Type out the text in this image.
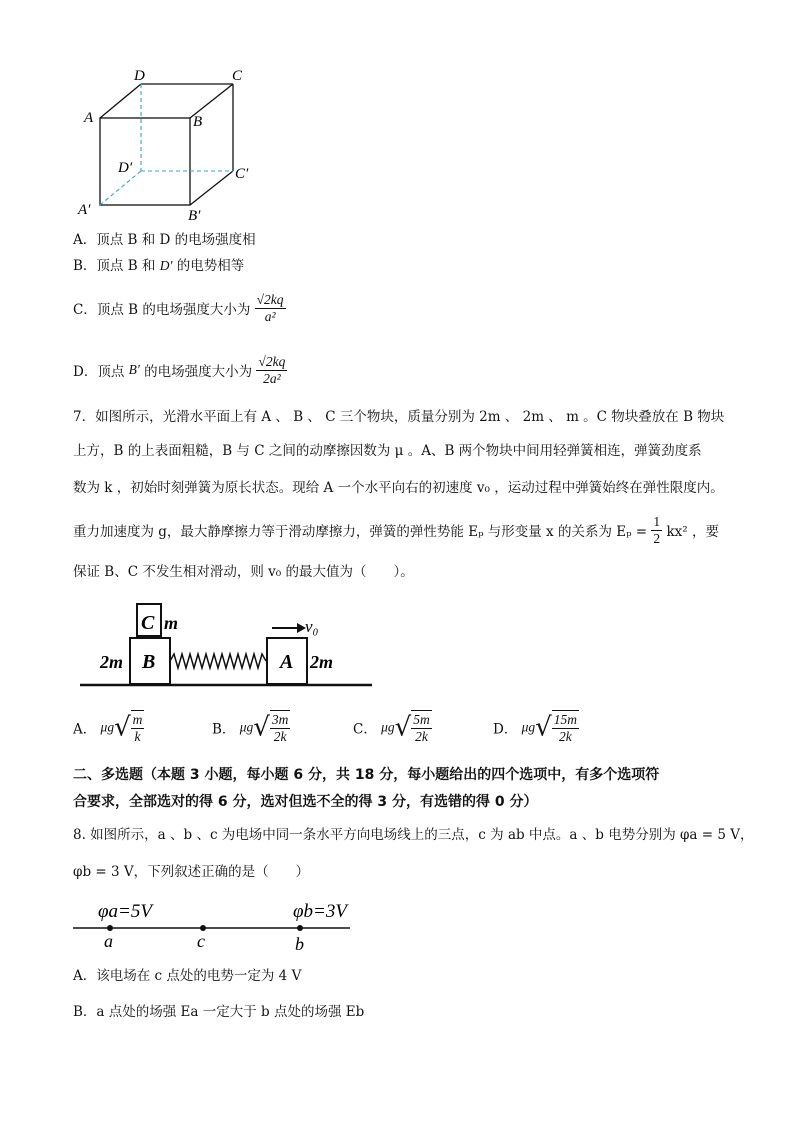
D	C
A	B
D′	C′
A′	B′
A．顶点 B 和 D 的电场强度相
B．顶点 B 和 D′ 的电势相等
C．顶点 B 的电场强度大小为 $\frac{√2kq}{\text{a²}}$
D．顶点 B′ 的电场强度大小为 $\frac{√2kq}{\text{2a²}}$
7．如图所示，光滑水平面上有 A 、 B 、 C 三个物块，质量分别为 2m 、 2m 、 m 。C 物块叠放在 B 物块
上方，B 的上表面粗糙，B 与 C 之间的动摩擦因数为 μ 。A、B 两个物块中间用轻弹簧相连，弹簧劲度系
数为 k ，初始时刻弹簧为原长状态。现给 A 一个水平向右的初速度 v₀ ，运动过程中弹簧始终在弹性限度内。
重力加速度为 g，最大静摩擦力等于滑动摩擦力，弹簧的弹性势能 Eₚ 与形变量 x 的关系为 $E_p = \frac{1}{2} kx^2$ ，要
保证 B、C 不发生相对滑动，则 v₀ 的最大值为（　　）。
C m
B
2m	A 2m
v₀
A． $\mu g√ \frac{m}{k}$	B． $\mu g√ \frac{3m}{2k}$	C． $\mu g√ \frac{5m}{2k}$	D． $\mu g√ \frac{15m}{2k}$
二、多选题（本题 3 小题，每小题 6 分，共 18 分，每小题给出的四个选项中，有多个选项符
合要求，全部选对的得 6 分，选对但选不全的得 3 分，有选错的得 0 分）
8. 如图所示，a 、b 、c 为电场中同一条水平方向电场线上的三点，c 为 ab 中点。a 、b 电势分别为 φa = 5 V，
φb = 3 V，下列叙述正确的是（　　）
φa=5V	φb=3V
a	c	b
A．该电场在 c 点处的电势一定为 4 V
B．a 点处的场强 Ea 一定大于 b 点处的场强 Eb
